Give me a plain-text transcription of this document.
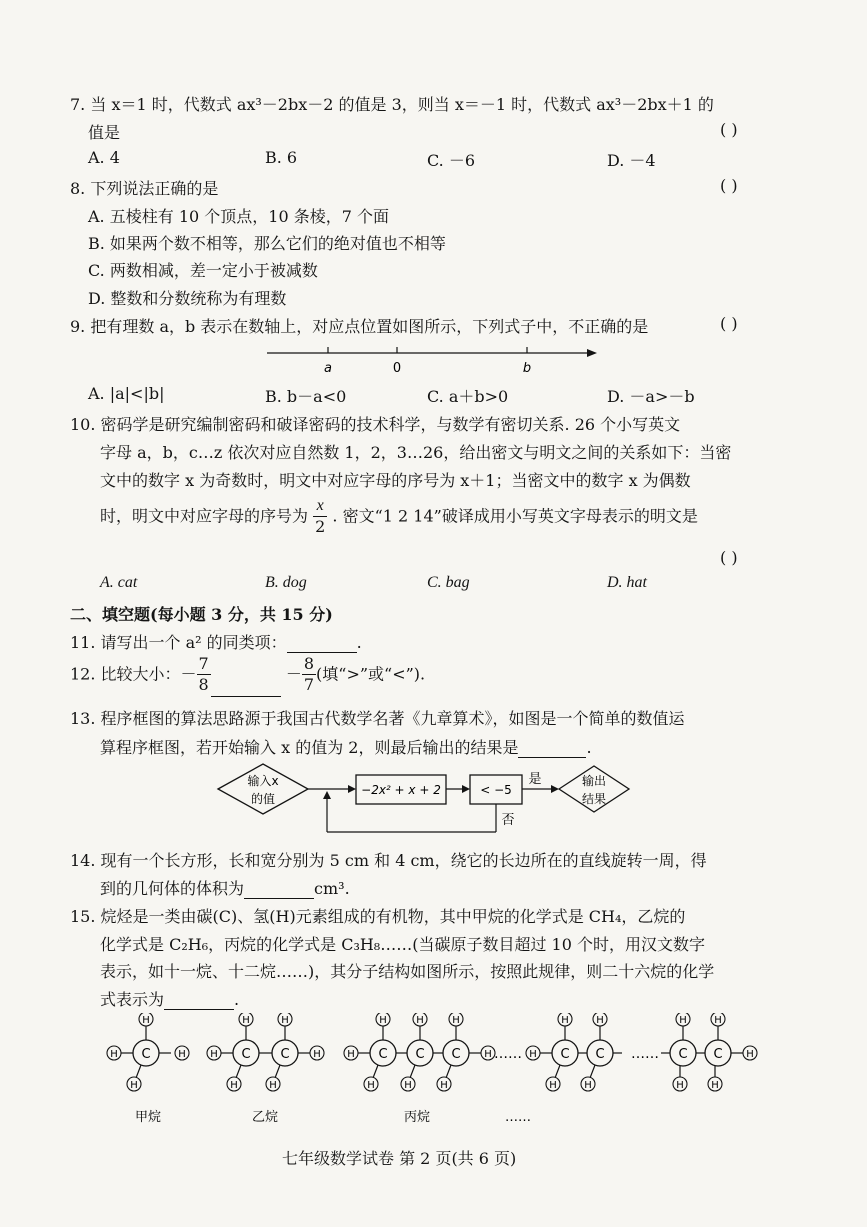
7. 当 x＝1 时，代数式 ax³－2bx－2 的值是 3，则当 x＝－1 时，代数式 ax³－2bx＋1 的
值是	( )
A. 4	B. 6	C. －6	D. －4
8. 下列说法正确的是	( )
A. 五棱柱有 10 个顶点，10 条棱，7 个面
B. 如果两个数不相等，那么它们的绝对值也不相等
C. 两数相减，差一定小于被减数
D. 整数和分数统称为有理数
9. 把有理数 a，b 表示在数轴上，对应点位置如图所示，下列式子中，不正确的是	( )
a	0	b
A. |a|<|b|	B. b－a<0	C. a＋b>0	D. －a>－b
10. 密码学是研究编制密码和破译密码的技术科学，与数学有密切关系. 26 个小写英文
字母 a，b，c…z 依次对应自然数 1，2，3…26，给出密文与明文之间的关系如下：当密
文中的数字 x 为奇数时，明文中对应字母的序号为 x＋1；当密文中的数字 x 为偶数
时，明文中对应字母的序号为 $\frac{x}{2}$ . 密文“1 2 14”破译成用小写英文字母表示的明文是
( )
A. cat	B. dog	C. bag	D. hat
二、填空题(每小题 3 分，共 15 分)
11. 请写出一个 a² 的同类项：	.
12. 比较大小：－ $\frac{7}{8}$	－ $\frac{8}{7}$ (填“>”或“<”).
13. 程序框图的算法思路源于我国古代数学名著《九章算术》，如图是一个简单的数值运
算程序框图，若开始输入 x 的值为 2，则最后输出的结果是	.
输入x
的值
−2x² + x + 2	< −5
是	输出
结果
否
14. 现有一个长方形，长和宽分别为 5 cm 和 4 cm，绕它的长边所在的直线旋转一周，得
到的几何体的体积为	cm³.
15. 烷烃是一类由碳(C)、氢(H)元素组成的有机物，其中甲烷的化学式是 CH₄，乙烷的
化学式是 C₂H₆，丙烷的化学式是 C₃H₈……(当碳原子数目超过 10 个时，用汉文数字
表示，如十一烷、十二烷……)，其分子结构如图所示，按照此规律，则二十六烷的化学
式表示为	.
H
H	H
H
C
H
H
H
H
H	H
C C
H
H
H
H
H
H
H	H
C C C ……
H
H
H
H
H C C ……
H
H
H
H
H
C C
甲烷	乙烷	丙烷	……
七年级数学试卷 第 2 页(共 6 页)
